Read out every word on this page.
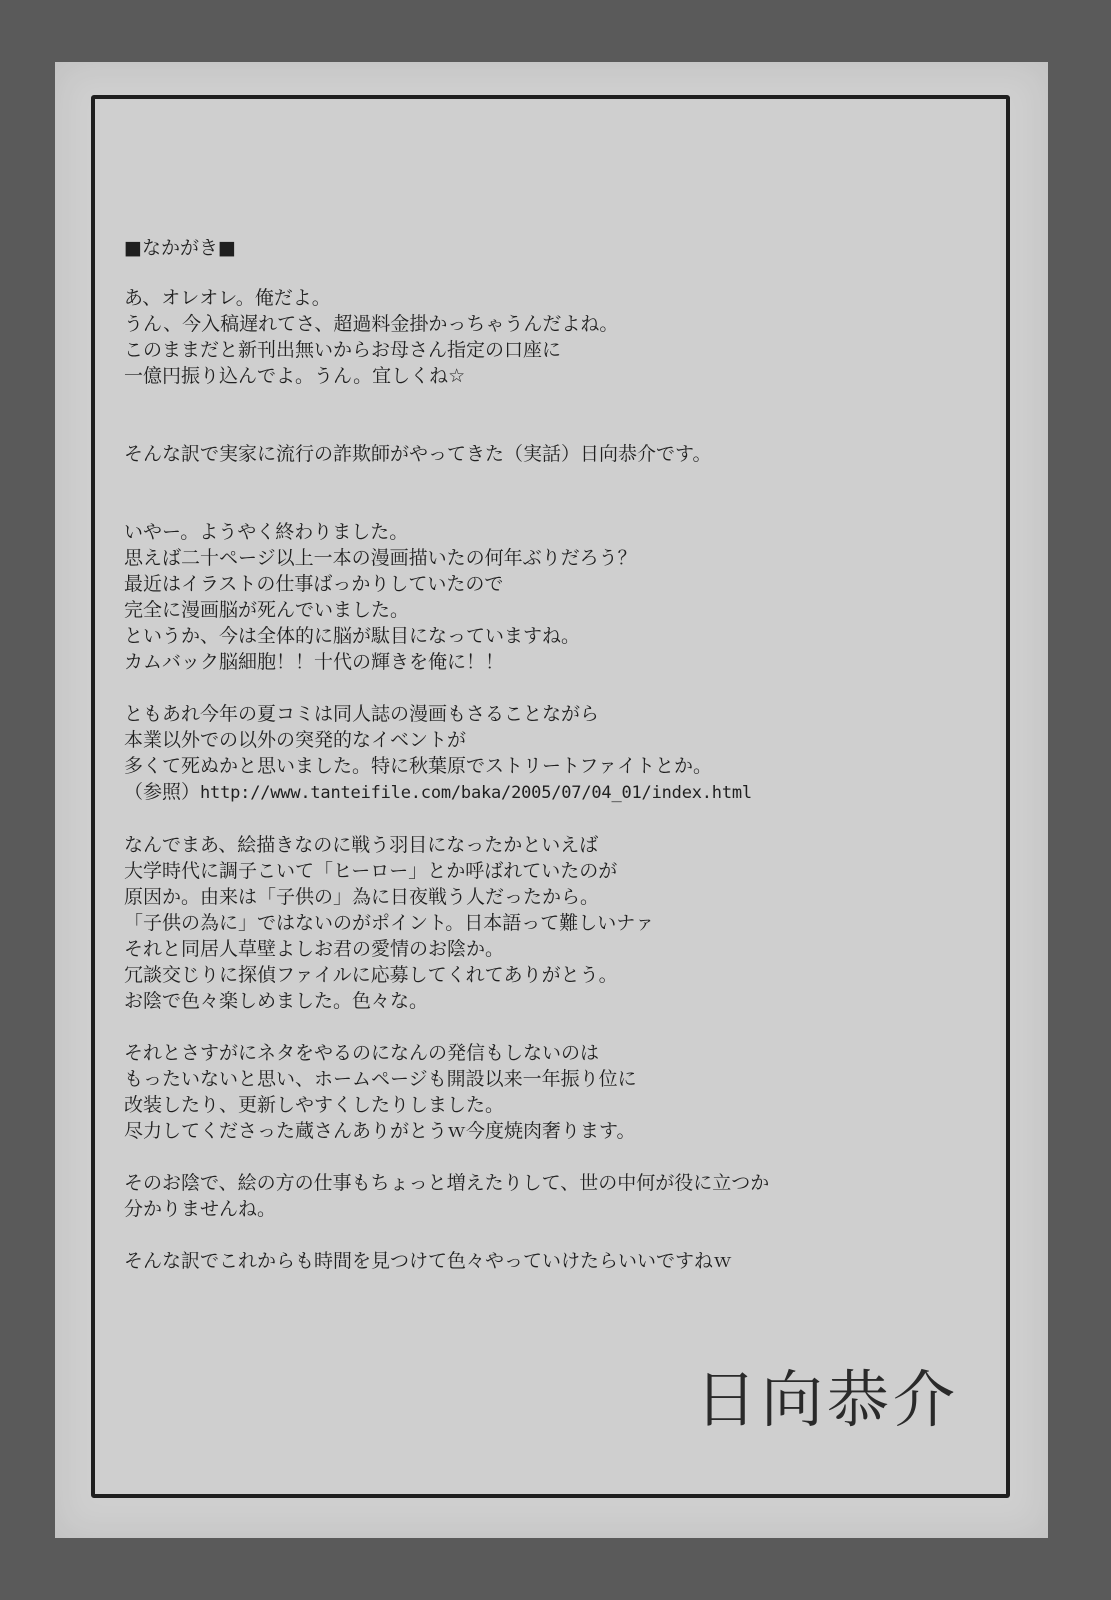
■なかがき■

あ、オレオレ。俺だよ。
うん、今入稿遅れてさ、超過料金掛かっちゃうんだよね。
このままだと新刊出無いからお母さん指定の口座に
一億円振り込んでよ。うん。宜しくね☆

そんな訳で実家に流行の詐欺師がやってきた（実話）日向恭介です。

いやー。ようやく終わりました。
思えば二十ページ以上一本の漫画描いたの何年ぶりだろう？
最近はイラストの仕事ばっかりしていたので
完全に漫画脳が死んでいました。
というか、今は全体的に脳が駄目になっていますね。
カムバック脳細胞！！十代の輝きを俺に！！

ともあれ今年の夏コミは同人誌の漫画もさることながら
本業以外での以外の突発的なイベントが
多くて死ぬかと思いました。特に秋葉原でストリートファイトとか。
（参照）http://www.tanteifile.com/baka/2005/07/04_01/index.html

なんでまあ、絵描きなのに戦う羽目になったかといえば
大学時代に調子こいて「ヒーロー」とか呼ばれていたのが
原因か。由来は「子供の」為に日夜戦う人だったから。
「子供の為に」ではないのがポイント。日本語って難しいナァ
それと同居人草壁よしお君の愛情のお陰か。
冗談交じりに探偵ファイルに応募してくれてありがとう。
お陰で色々楽しめました。色々な。

それとさすがにネタをやるのになんの発信もしないのは
もったいないと思い、ホームページも開設以来一年振り位に
改装したり、更新しやすくしたりしました。
尽力してくださった蔵さんありがとうｗ今度焼肉奢ります。

そのお陰で、絵の方の仕事もちょっと増えたりして、世の中何が役に立つか
分かりませんね。

そんな訳でこれからも時間を見つけて色々やっていけたらいいですねｗ

日向恭介
